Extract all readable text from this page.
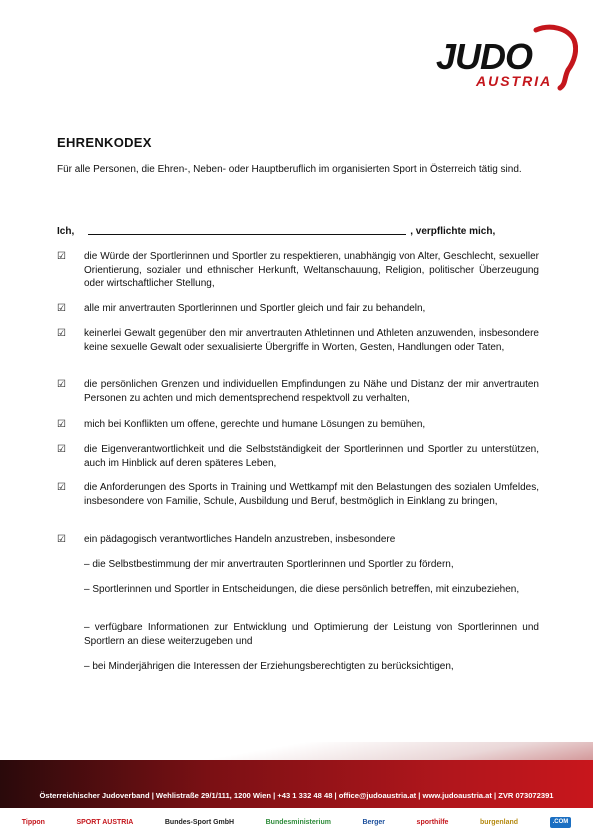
JUDO
AUSTRIA
EHRENKODEX

Für alle Personen, die Ehren-, Neben- oder Hauptberuflich im organisierten Sport in Österreich tätig sind.

Ich,	, verpflichte mich,
☑ die Würde der Sportlerinnen und Sportler zu respektieren, unabhängig von Alter, Geschlecht, sexueller Orientierung, sozialer und ethnischer Herkunft, Weltanschauung, Religion, politischer Überzeugung oder wirtschaftlicher Stellung,
☑ alle mir anvertrauten Sportlerinnen und Sportler gleich und fair zu behandeln,
☑ keinerlei Gewalt gegenüber den mir anvertrauten Athletinnen und Athleten anzuwenden, insbesondere keine sexuelle Gewalt oder sexualisierte Übergriffe in Worten, Gesten, Handlungen oder Taten,
☑ die persönlichen Grenzen und individuellen Empfindungen zu Nähe und Distanz der mir anvertrauten Personen zu achten und mich dementsprechend respektvoll zu verhalten,
☑ mich bei Konflikten um offene, gerechte und humane Lösungen zu bemühen,
☑ die Eigenverantwortlichkeit und die Selbstständigkeit der Sportlerinnen und Sportler zu unterstützen, auch im Hinblick auf deren späteres Leben,
☑ die Anforderungen des Sports in Training und Wettkampf mit den Belastungen des sozialen Umfeldes, insbesondere von Familie, Schule, Ausbildung und Beruf, bestmöglich in Einklang zu bringen,
☑ ein pädagogisch verantwortliches Handeln anzustreben, insbesondere
– die Selbstbestimmung der mir anvertrauten Sportlerinnen und Sportler zu fördern,
– Sportlerinnen und Sportler in Entscheidungen, die diese persönlich betreffen, mit einzubeziehen,
– verfügbare Informationen zur Entwicklung und Optimierung der Leistung von Sportlerinnen und Sportlern an diese weiterzugeben und
– bei Minderjährigen die Interessen der Erziehungsberechtigten zu berücksichtigen,
Österreichischer Judoverband | Wehlistraße 29/1/111, 1200 Wien | +43 1 332 48 48 | office@judoaustria.at | www.judoaustria.at | ZVR 073072391
Tippon	SPORT AUSTRIA	Bundes-Sport GmbH	Bundesministerium	Berger	sporthilfe	burgenland	.COM
